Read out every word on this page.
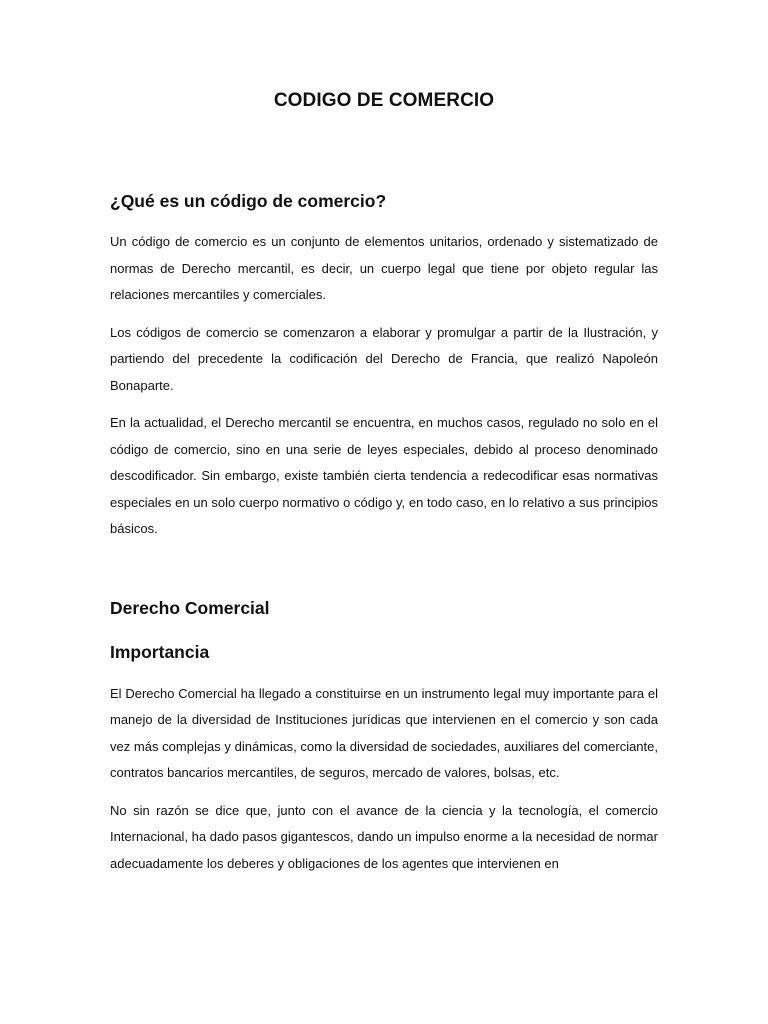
CODIGO DE COMERCIO
¿Qué es un código de comercio?

Un código de comercio es un conjunto de elementos unitarios, ordenado y sistematizado de normas de Derecho mercantil, es decir, un cuerpo legal que tiene por objeto regular las relaciones mercantiles y comerciales.

Los códigos de comercio se comenzaron a elaborar y promulgar a partir de la Ilustración, y partiendo del precedente la codificación del Derecho de Francia, que realizó Napoleón Bonaparte.

En la actualidad, el Derecho mercantil se encuentra, en muchos casos, regulado no solo en el código de comercio, sino en una serie de leyes especiales, debido al proceso denominado descodificador. Sin embargo, existe también cierta tendencia a redecodificar esas normativas especiales en un solo cuerpo normativo o código y, en todo caso, en lo relativo a sus principios básicos.

Derecho Comercial
Importancia

El Derecho Comercial ha llegado a constituirse en un instrumento legal muy importante para el manejo de la diversidad de Instituciones jurídicas que intervienen en el comercio y son cada vez más complejas y dinámicas, como la diversidad de sociedades, auxiliares del comerciante, contratos bancarios mercantiles, de seguros, mercado de valores, bolsas, etc.

No sin razón se dice que, junto con el avance de la ciencia y la tecnología, el comercio Internacional, ha dado pasos gigantescos, dando un impulso enorme a la necesidad de normar adecuadamente los deberes y obligaciones de los agentes que intervienen en
